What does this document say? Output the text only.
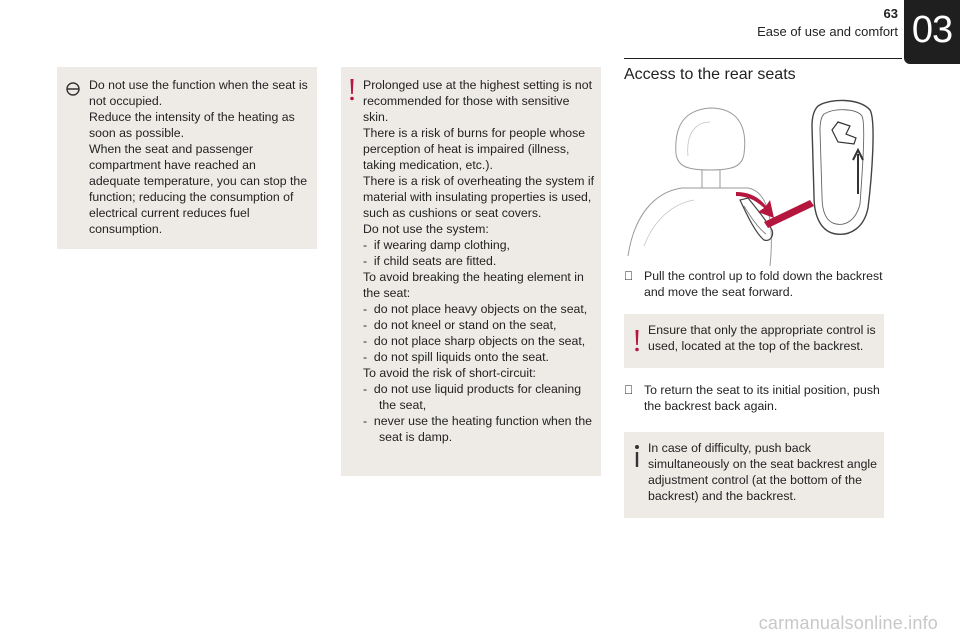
63
Ease of use and comfort 03

Do not use the function when the seat is not occupied.

Reduce the intensity of the heating as soon as possible.

When the seat and passenger compartment have reached an adequate temperature, you can stop the function; reducing the consumption of electrical current reduces fuel consumption.

Prolonged use at the highest setting is not recommended for those with sensitive skin.

There is a risk of burns for people whose perception of heat is impaired (illness, taking medication, etc.).

There is a risk of overheating the system if material with insulating properties is used, such as cushions or seat covers.

Do not use the system:

-  if wearing damp clothing,
-  if child seats are fitted.

To avoid breaking the heating element in the seat:

-  do not place heavy objects on the seat,
-  do not kneel or stand on the seat,
-  do not place sharp objects on the seat,
-  do not spill liquids onto the seat.

To avoid the risk of short-circuit:

-  do not use liquid products for cleaning the seat,
-  never use the heating function when the seat is damp.
Access to the rear seats
Pull the control up to fold down the backrest and move the seat forward.

Ensure that only the appropriate control is used, located at the top of the backrest.

To return the seat to its initial position, push the backrest back again.

In case of difficulty, push back simultaneously on the seat backrest angle adjustment control (at the bottom of the backrest) and the backrest.

carmanualsonline.info
